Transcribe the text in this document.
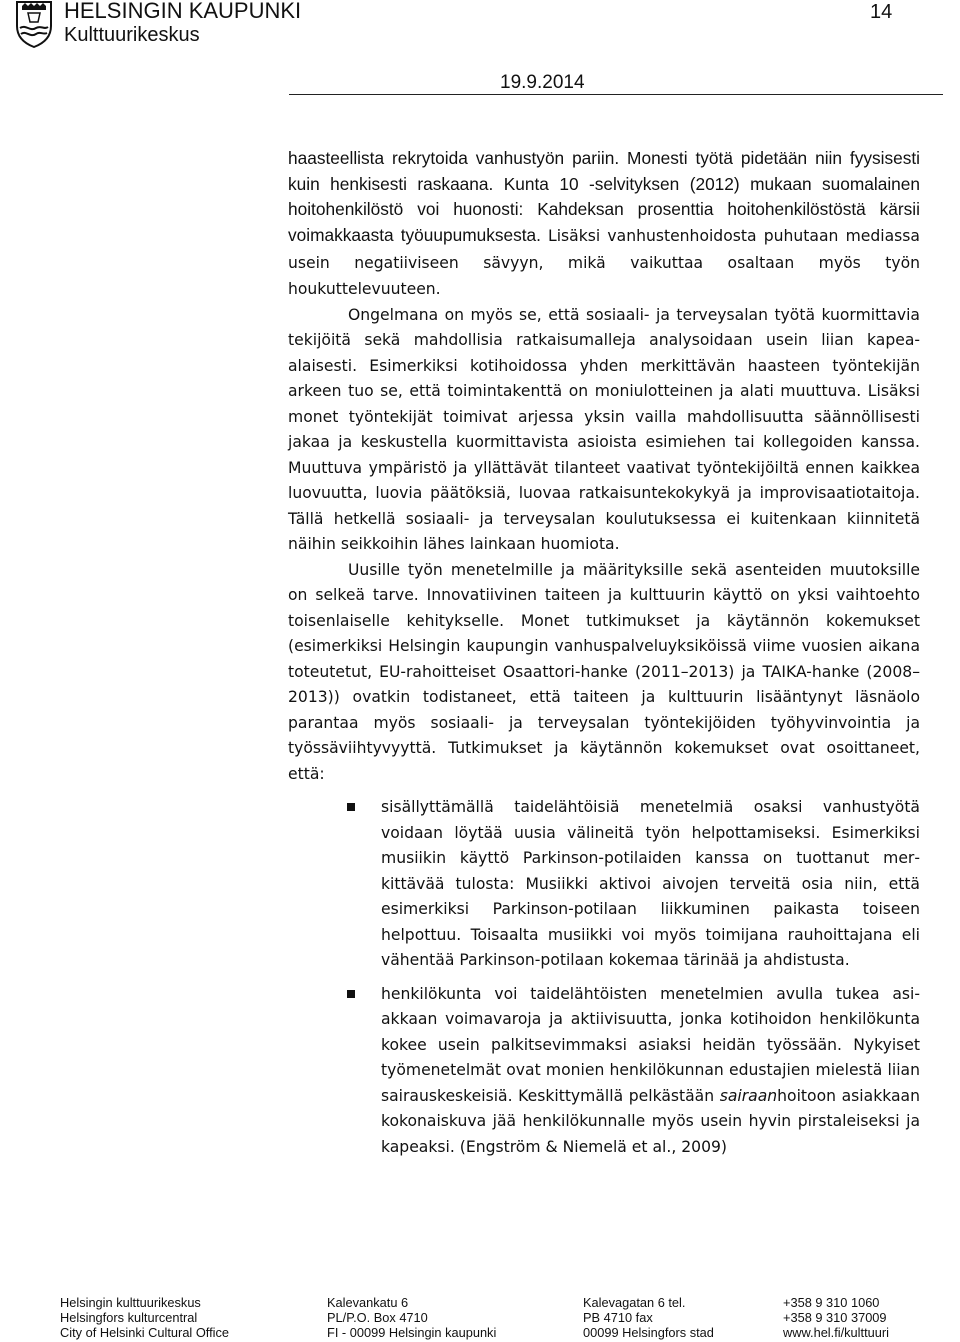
HELSINGIN KAUPUNKI
Kulttuurikeskus
14
19.9.2014

haasteellista rekrytoida vanhustyön pariin. Monesti työtä pidetään niin fyysisesti kuin henkisesti raskaana. Kunta 10 -selvityksen (2012) mukaan suomalainen hoitohenkilöstö voi huonosti: Kahdeksan prosenttia hoitohenkilöstöstä kärsii voimakkaasta työuupumuksesta. Lisäksi vanhustenhoidosta puhutaan mediassa usein negatiiviseen sävyyn, mikä vaikuttaa osaltaan myös työn houkuttelevuuteen.

Ongelmana on myös se, että sosiaali- ja terveysalan työtä kuormittavia tekijöitä sekä mahdollisia ratkaisumalleja analysoidaan usein liian kapea-alaisesti. Esimerkiksi kotihoidossa yhden merkittävän haasteen työntekijän arkeen tuo se, että toimintakenttä on moniulotteinen ja alati muuttuva. Lisäksi monet työntekijät toimivat arjessa yksin vailla mahdollisuutta säännöllisesti jakaa ja keskustella kuormittavista asioista esimiehen tai kollegoiden kanssa. Muuttuva ympäristö ja yllättävät tilanteet vaativat työntekijöiltä ennen kaikkea luovuutta, luovia päätöksiä, luovaa ratkaisuntekokykyä ja improvisaatiotaitoja. Tällä hetkellä sosiaali- ja terveysalan koulutuksessa ei kuitenkaan kiinnitetä näihin seikkoihin lähes lainkaan huomiota.

Uusille työn menetelmille ja määrityksille sekä asenteiden muutoksille on selkeä tarve. Innovatiivinen taiteen ja kulttuurin käyttö on yksi vaihtoehto toisenlaiselle kehitykselle. Monet tutkimukset ja käytännön kokemukset (esimerkiksi Helsingin kaupungin vanhuspalveluyksiköissä viime vuosien aikana toteutetut, EU-rahoitteiset Osaattori-hanke (2011–2013) ja TAIKA-hanke (2008–2013)) ovatkin todistaneet, että taiteen ja kulttuurin lisääntynyt läsnäolo parantaa myös sosiaali- ja terveysalan työntekijöiden työhyvinvointia ja työssäviihtyvyyttä. Tutkimukset ja käytännön kokemukset ovat osoittaneet, että:

sisällyttämällä taidelähtöisiä menetelmiä osaksi vanhustyötä voidaan löytää uusia välineitä työn helpottamiseksi. Esimerkiksi musiikin käyttö Parkinson-potilaiden kanssa on tuottanut merkittävää tulosta: Musiikki aktivoi aivojen terveitä osia niin, että esimerkiksi Parkinson-potilaan liikkuminen paikasta toiseen helpottuu. Toisaalta musiikki voi myös toimijana rauhoittajana eli vähentää Parkinson-potilaan kokemaa tärinää ja ahdistusta.
henkilökunta voi taidelähtöisten menetelmien avulla tukea asiakkaan voimavaroja ja aktiivisuutta, jonka kotihoidon henkilökunta kokee usein palkitsevimmaksi asiaksi heidän työssään. Nykyiset työmenetelmät ovat monien henkilökunnan edustajien mielestä liian sairauskeskeisiä. Keskittymällä pelkästään sairaanhoitoon asiakkaan kokonaiskuva jää henkilökunnalle myös usein hyvin pirstaleiseksi ja kapeaksi. (Engström & Niemelä et al., 2009)
Helsingin kulttuurikeskus
Helsingfors kulturcentral
City of Helsinki Cultural Office
Kalevankatu 6
PL/P.O. Box 4710
FI - 00099 Helsingin kaupunki
Kalevagatan 6 tel.
PB 4710 fax
00099 Helsingfors stad
+358 9 310 1060
+358 9 310 37009
www.hel.fi/kulttuuri
